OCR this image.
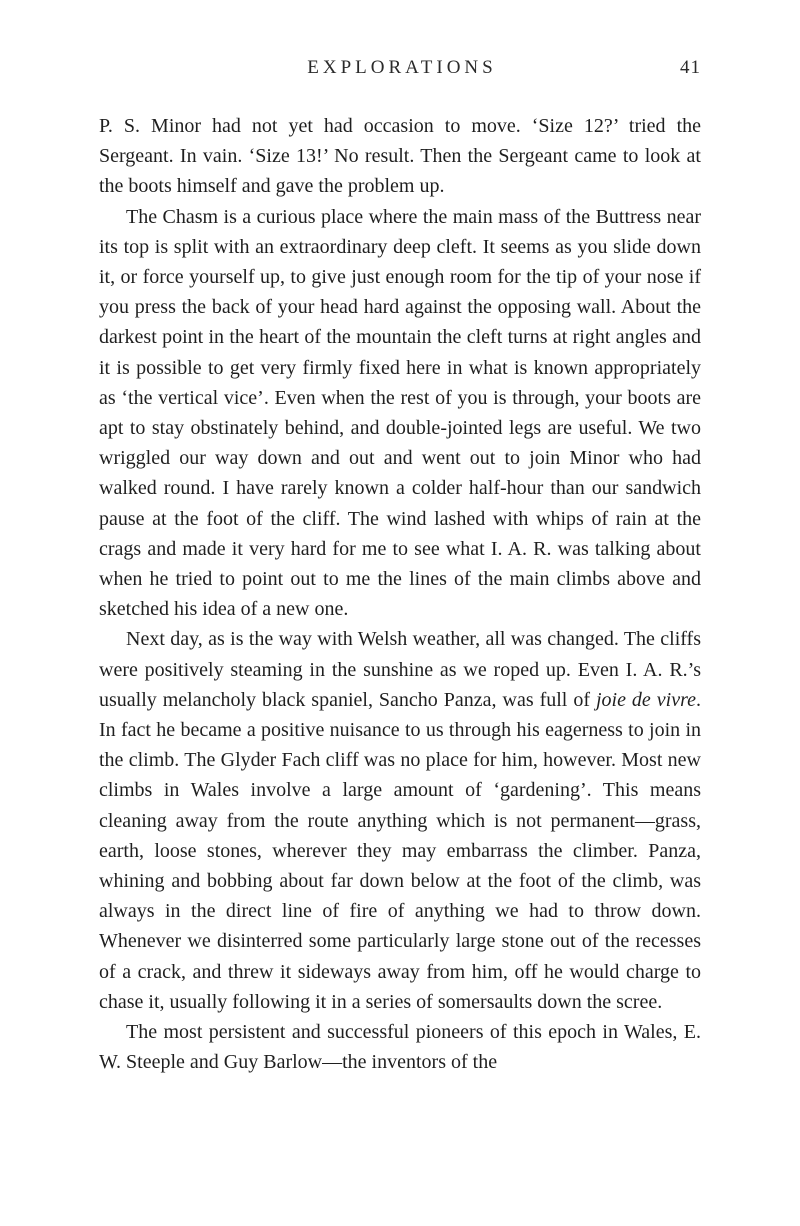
EXPLORATIONS	41

P. S. Minor had not yet had occasion to move. ‘Size 12?’ tried the Sergeant. In vain. ‘Size 13!’ No result. Then the Sergeant came to look at the boots himself and gave the problem up.

The Chasm is a curious place where the main mass of the Buttress near its top is split with an extraordinary deep cleft. It seems as you slide down it, or force yourself up, to give just enough room for the tip of your nose if you press the back of your head hard against the opposing wall. About the darkest point in the heart of the mountain the cleft turns at right angles and it is possible to get very firmly fixed here in what is known appropriately as ‘the vertical vice’. Even when the rest of you is through, your boots are apt to stay obstinately behind, and double-jointed legs are useful. We two wriggled our way down and out and went out to join Minor who had walked round. I have rarely known a colder half-hour than our sandwich pause at the foot of the cliff. The wind lashed with whips of rain at the crags and made it very hard for me to see what I. A. R. was talking about when he tried to point out to me the lines of the main climbs above and sketched his idea of a new one.

Next day, as is the way with Welsh weather, all was changed. The cliffs were positively steaming in the sunshine as we roped up. Even I. A. R.’s usually melancholy black spaniel, Sancho Panza, was full of joie de vivre. In fact he became a positive nuisance to us through his eagerness to join in the climb. The Glyder Fach cliff was no place for him, however. Most new climbs in Wales involve a large amount of ‘gardening’. This means cleaning away from the route anything which is not permanent—grass, earth, loose stones, wherever they may embarrass the climber. Panza, whining and bobbing about far down below at the foot of the climb, was always in the direct line of fire of anything we had to throw down. Whenever we disinterred some particularly large stone out of the recesses of a crack, and threw it sideways away from him, off he would charge to chase it, usually following it in a series of somersaults down the scree.

The most persistent and successful pioneers of this epoch in Wales, E. W. Steeple and Guy Barlow—the inventors of the
